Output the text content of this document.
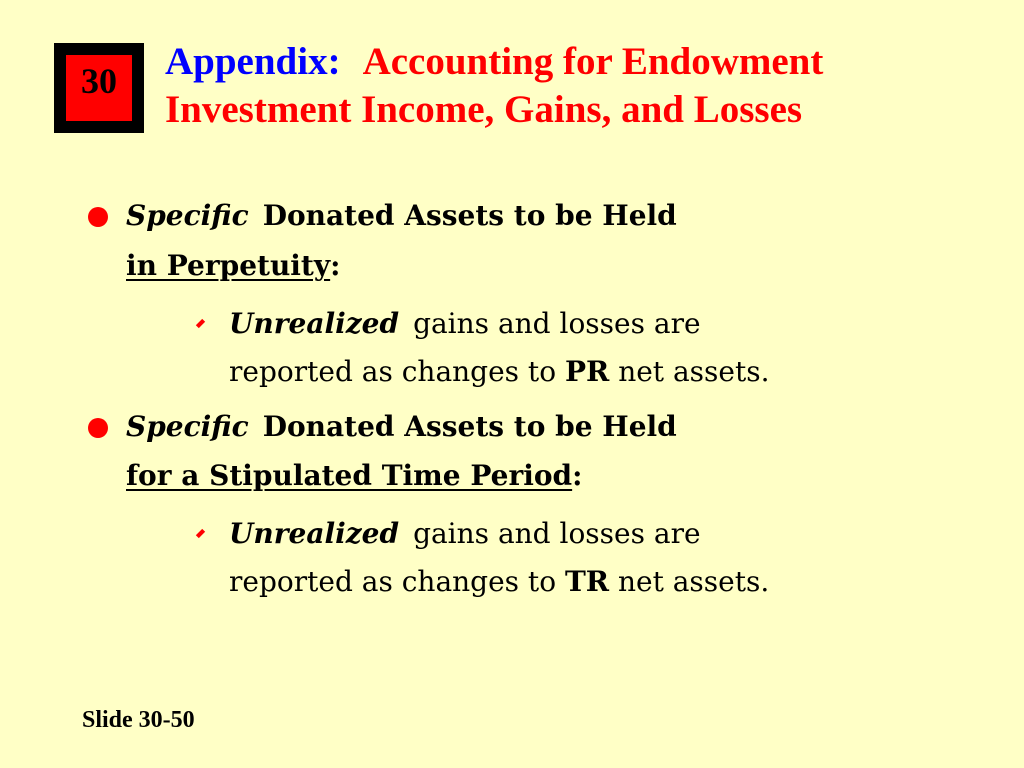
30	Appendix: Accounting for Endowment
Investment Income, Gains, and Losses
Specific Donated Assets to be Held
in Perpetuity:
Unrealized gains and losses are
reported as changes to PR net assets.
Specific Donated Assets to be Held
for a Stipulated Time Period:
Unrealized gains and losses are
reported as changes to TR net assets.
Slide 30-50
